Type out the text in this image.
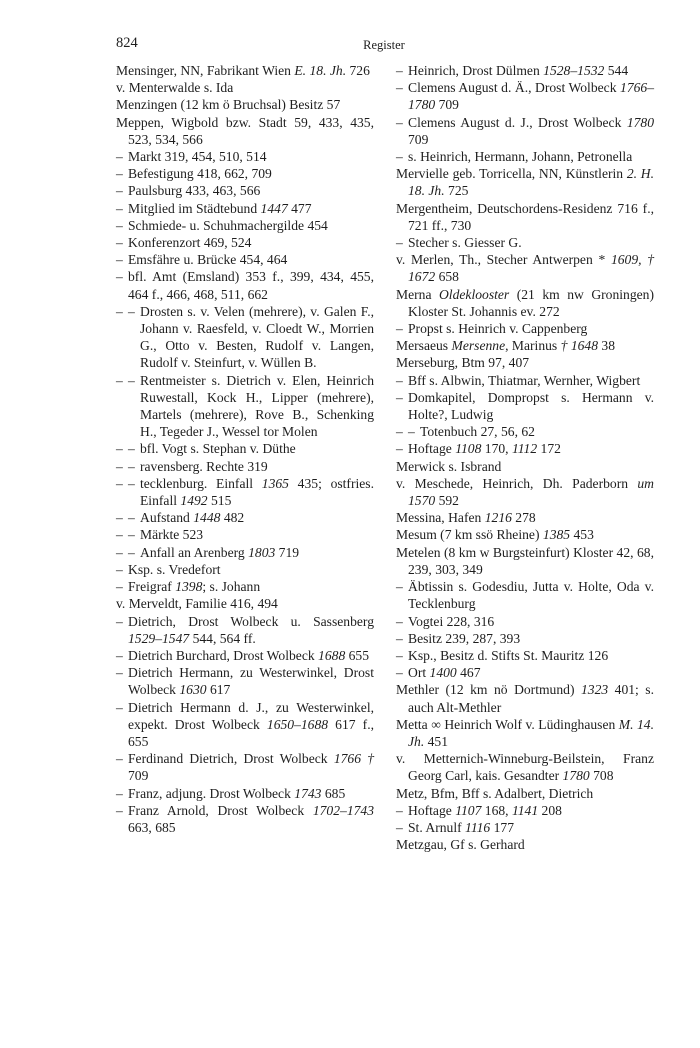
824	Register
Mensinger, NN, Fabrikant Wien E. 18. Jh. 726
v. Menterwalde s. Ida
Menzingen (12 km ö Bruchsal) Besitz 57
Meppen, Wigbold bzw. Stadt 59, 433, 435, 523, 534, 566
– Markt 319, 454, 510, 514
– Befestigung 418, 662, 709
– Paulsburg 433, 463, 566
– Mitglied im Städtebund 1447 477
– Schmiede- u. Schuhmachergilde 454
– Konferenzort 469, 524
– Emsfähre u. Brücke 454, 464
– bfl. Amt (Emsland) 353 f., 399, 434, 455, 464 f., 466, 468, 511, 662
– – Drosten s. v. Velen (mehrere), v. Galen F., Johann v. Raesfeld, v. Cloedt W., Morrien G., Otto v. Besten, Rudolf v. Langen, Rudolf v. Steinfurt, v. Wüllen B.
– – Rentmeister s. Dietrich v. Elen, Heinrich Ruwestall, Kock H., Lipper (mehrere), Martels (mehrere), Rove B., Schenking H., Tegeder J., Wessel tor Molen
– – bfl. Vogt s. Stephan v. Düthe
– – ravensberg. Rechte 319
– – tecklenburg. Einfall 1365 435; ostfries. Einfall 1492 515
– – Aufstand 1448 482
– – Märkte 523
– – Anfall an Arenberg 1803 719
– Ksp. s. Vredefort
– Freigraf 1398; s. Johann
v. Merveldt, Familie 416, 494
– Dietrich, Drost Wolbeck u. Sassenberg 1529–1547 544, 564 ff.
– Dietrich Burchard, Drost Wolbeck 1688 655
– Dietrich Hermann, zu Westerwinkel, Drost Wolbeck 1630 617
– Dietrich Hermann d. J., zu Westerwinkel, expekt. Drost Wolbeck 1650–1688 617 f., 655
– Ferdinand Dietrich, Drost Wolbeck 1766 † 709
– Franz, adjung. Drost Wolbeck 1743 685
– Franz Arnold, Drost Wolbeck 1702–​1743 663, 685
– Heinrich, Drost Dülmen 1528–1532 544
– Clemens August d. Ä., Drost Wolbeck 1766–1780 709
– Clemens August d. J., Drost Wolbeck 1780 709
– s. Heinrich, Hermann, Johann, Petronella
Mervielle geb. Torricella, NN, Künstlerin 2. H. 18. Jh. 725
Mergentheim, Deutschordens-Residenz 716 f., 721 ff., 730
– Stecher s. Giesser G.
v. Merlen, Th., Stecher Antwerpen * 1609, † 1672 658
Merna Oldeklooster (21 km nw Groningen) Kloster St. Johannis ev. 272
– Propst s. Heinrich v. Cappenberg
Mersaeus Mersenne, Marinus † 1648 38
Merseburg, Btm 97, 407
– Bff s. Albwin, Thiatmar, Wernher, Wigbert
– Domkapitel, Dompropst s. Hermann v. Holte?, Ludwig
– – Totenbuch 27, 56, 62
– Hoftage 1108 170, 1112 172
Merwick s. Isbrand
v. Meschede, Heinrich, Dh. Paderborn um 1570 592
Messina, Hafen 1216 278
Mesum (7 km ssö Rheine) 1385 453
Metelen (8 km w Burgsteinfurt) Kloster 42, 68, 239, 303, 349
– Äbtissin s. Godesdiu, Jutta v. Holte, Oda v. Tecklenburg
– Vogtei 228, 316
– Besitz 239, 287, 393
– Ksp., Besitz d. Stifts St. Mauritz 126
– Ort 1400 467
Methler (12 km nö Dortmund) 1323 401; s. auch Alt-Methler
Metta ∞ Heinrich Wolf v. Lüdinghausen M. 14. Jh. 451
v. Metternich-Winneburg-Beilstein, Franz Georg Carl, kais. Gesandter 1780 708
Metz, Bfm, Bff s. Adalbert, Dietrich
– Hoftage 1107 168, 1141 208
– St. Arnulf 1116 177
Metzgau, Gf s. Gerhard
